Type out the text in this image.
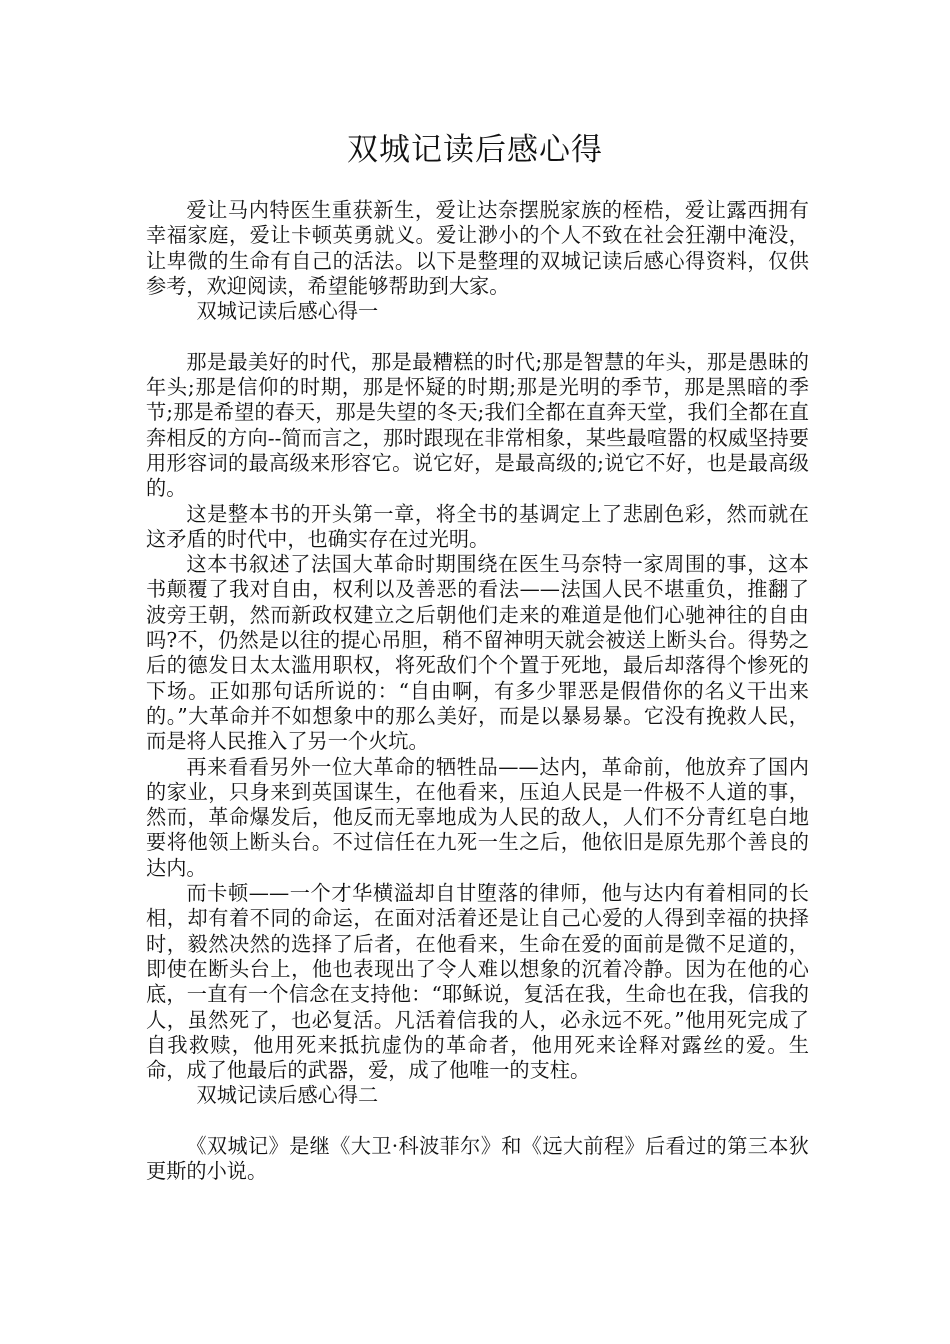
双城记读后感心得

爱让马内特医生重获新生，爱让达奈摆脱家族的桎梏，爱让露西拥有幸福家庭，爱让卡顿英勇就义。爱让渺小的个人不致在社会狂潮中淹没，让卑微的生命有自己的活法。以下是整理的双城记读后感心得资料，仅供参考，欢迎阅读，希望能够帮助到大家。

双城记读后感心得一

那是最美好的时代，那是最糟糕的时代;那是智慧的年头，那是愚昧的年头;那是信仰的时期，那是怀疑的时期;那是光明的季节，那是黑暗的季节;那是希望的春天，那是失望的冬天;我们全都在直奔天堂，我们全都在直奔相反的方向--简而言之，那时跟现在非常相象，某些最喧嚣的权威坚持要用形容词的最高级来形容它。说它好，是最高级的;说它不好，也是最高级的。

这是整本书的开头第一章，将全书的基调定上了悲剧色彩，然而就在这矛盾的时代中，也确实存在过光明。

这本书叙述了法国大革命时期围绕在医生马奈特一家周围的事，这本书颠覆了我对自由，权利以及善恶的看法——法国人民不堪重负，推翻了波旁王朝，然而新政权建立之后朝他们走来的难道是他们心驰神往的自由吗?不，仍然是以往的提心吊胆，稍不留神明天就会被送上断头台。得势之后的德发日太太滥用职权，将死敌们个个置于死地，最后却落得个惨死的下场。正如那句话所说的：“自由啊，有多少罪恶是假借你的名义干出来的。”大革命并不如想象中的那么美好，而是以暴易暴。它没有挽救人民，而是将人民推入了另一个火坑。

再来看看另外一位大革命的牺牲品——达内，革命前，他放弃了国内的家业，只身来到英国谋生，在他看来，压迫人民是一件极不人道的事，然而，革命爆发后，他反而无辜地成为人民的敌人，人们不分青红皂白地要将他领上断头台。不过信任在九死一生之后，他依旧是原先那个善良的达内。

而卡顿——一个才华横溢却自甘堕落的律师，他与达内有着相同的长相，却有着不同的命运，在面对活着还是让自己心爱的人得到幸福的抉择时，毅然决然的选择了后者，在他看来，生命在爱的面前是微不足道的，即使在断头台上，他也表现出了令人难以想象的沉着冷静。因为在他的心底，一直有一个信念在支持他：“耶稣说，复活在我，生命也在我，信我的人，虽然死了，也必复活。凡活着信我的人，必永远不死。”他用死完成了自我救赎，他用死来抵抗虚伪的革命者，他用死来诠释对露丝的爱。生命，成了他最后的武器，爱，成了他唯一的支柱。

双城记读后感心得二

《双城记》是继《大卫·科波菲尔》和《远大前程》后看过的第三本狄更斯的小说。
